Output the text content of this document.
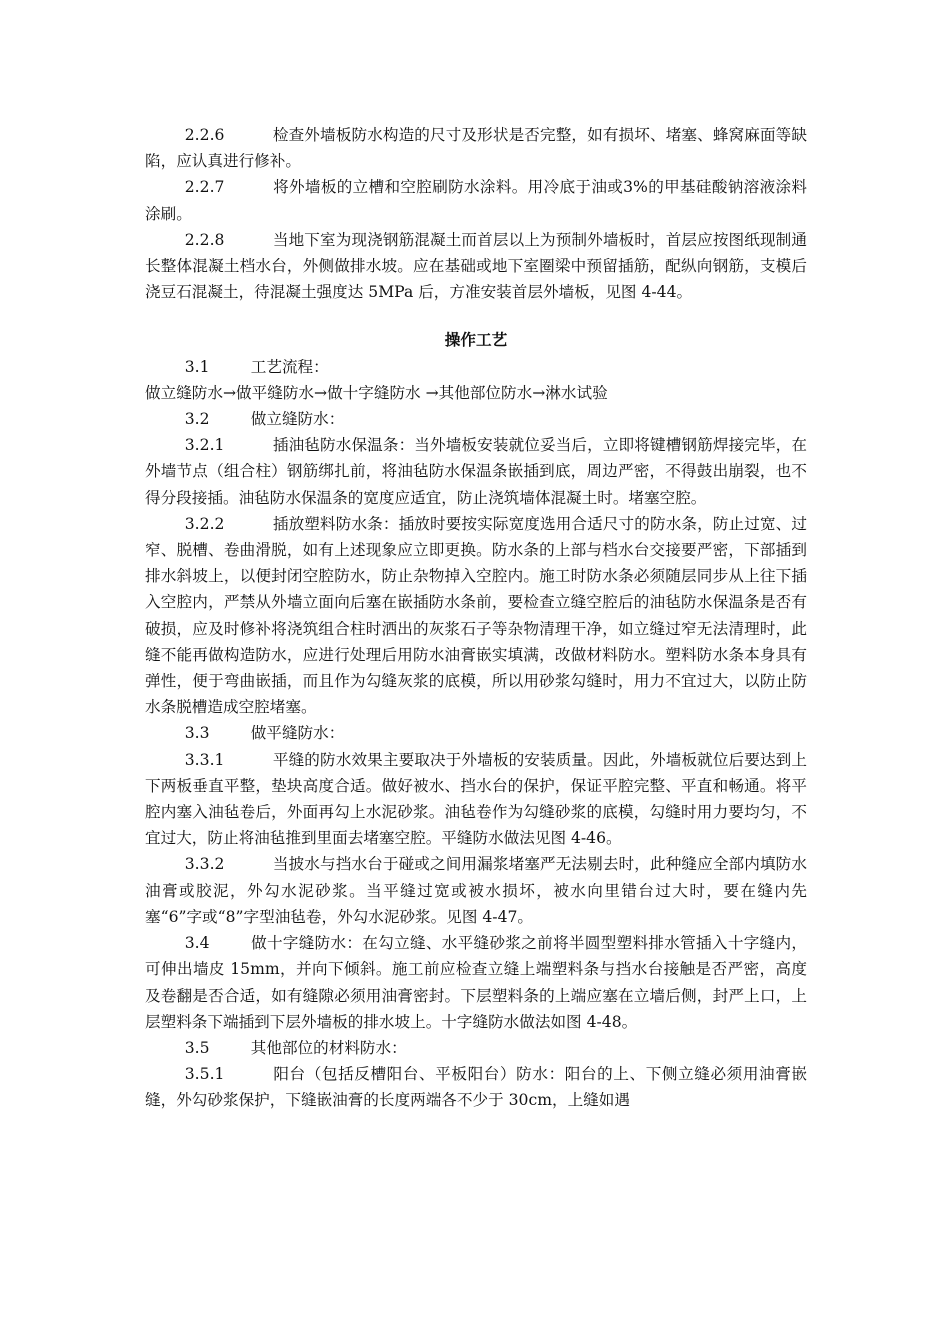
2.2.6	检查外墙板防水构造的尺寸及形状是否完整，如有损坏、堵塞、蜂窝麻面等缺陷，应认真进行修补。

2.2.7	将外墙板的立槽和空腔刷防水涂料。用冷底于油或3%的甲基硅酸钠溶液涂料涂刷。

2.2.8	当地下室为现浇钢筋混凝土而首层以上为预制外墙板时，首层应按图纸现制通长整体混凝土档水台，外侧做排水坡。应在基础或地下室圈梁中预留插筋，配纵向钢筋，支模后浇豆石混凝土，待混凝土强度达 5MPa 后，方准安装首层外墙板，见图 4-44。

操作工艺

3.1	工艺流程：

做立缝防水→做平缝防水→做十字缝防水 →其他部位防水→淋水试验

3.2	做立缝防水：

3.2.1	插油毡防水保温条：当外墙板安装就位妥当后，立即将键槽钢筋焊接完毕，在外墙节点（组合柱）钢筋绑扎前，将油毡防水保温条嵌插到底，周边严密，不得鼓出崩裂，也不得分段接插。油毡防水保温条的宽度应适宜，防止浇筑墙体混凝土时。堵塞空腔。

3.2.2	插放塑料防水条：插放时要按实际宽度选用合适尺寸的防水条，防止过宽、过窄、脱槽、卷曲滑脱，如有上述现象应立即更换。防水条的上部与档水台交接要严密，下部插到排水斜坡上，以便封闭空腔防水，防止杂物掉入空腔内。施工时防水条必须随层同步从上往下插入空腔内，严禁从外墙立面向后塞在嵌插防水条前，要检查立缝空腔后的油毡防水保温条是否有破损，应及时修补将浇筑组合柱时洒出的灰浆石子等杂物清理干净，如立缝过窄无法清理时，此缝不能再做构造防水，应进行处理后用防水油膏嵌实填满，改做材料防水。塑料防水条本身具有弹性，便于弯曲嵌插，而且作为勾缝灰浆的底模，所以用砂浆勾缝时，用力不宜过大，以防止防水条脱槽造成空腔堵塞。

3.3	做平缝防水：

3.3.1	平缝的防水效果主要取决于外墙板的安装质量。因此，外墙板就位后要达到上下两板垂直平整，垫块高度合适。做好被水、挡水台的保护，保证平腔完整、平直和畅通。将平腔内塞入油毡卷后，外面再勾上水泥砂浆。油毡卷作为勾缝砂浆的底模，勾缝时用力要均匀，不宜过大，防止将油毡推到里面去堵塞空腔。平缝防水做法见图 4-46。

3.3.2	当披水与挡水台于碰或之间用漏浆堵塞严无法剔去时，此种缝应全部内填防水油膏或胶泥，外勾水泥砂浆。当平缝过宽或被水损坏，被水向里错台过大时，要在缝内先塞“6”字或“8”字型油毡卷，外勾水泥砂浆。见图 4-47。

3.4	做十字缝防水：在勾立缝、水平缝砂浆之前将半圆型塑料排水管插入十字缝内，可伸出墙皮 15mm，并向下倾斜。施工前应检查立缝上端塑料条与挡水台接触是否严密，高度及卷翻是否合适，如有缝隙必须用油膏密封。下层塑料条的上端应塞在立墙后侧，封严上口，上层塑料条下端插到下层外墙板的排水坡上。十字缝防水做法如图 4-48。

3.5	其他部位的材料防水：

3.5.1	阳台（包括反槽阳台、平板阳台）防水：阳台的上、下侧立缝必须用油膏嵌缝，外勾砂浆保护，下缝嵌油膏的长度两端各不少于 30cm，上缝如遇
